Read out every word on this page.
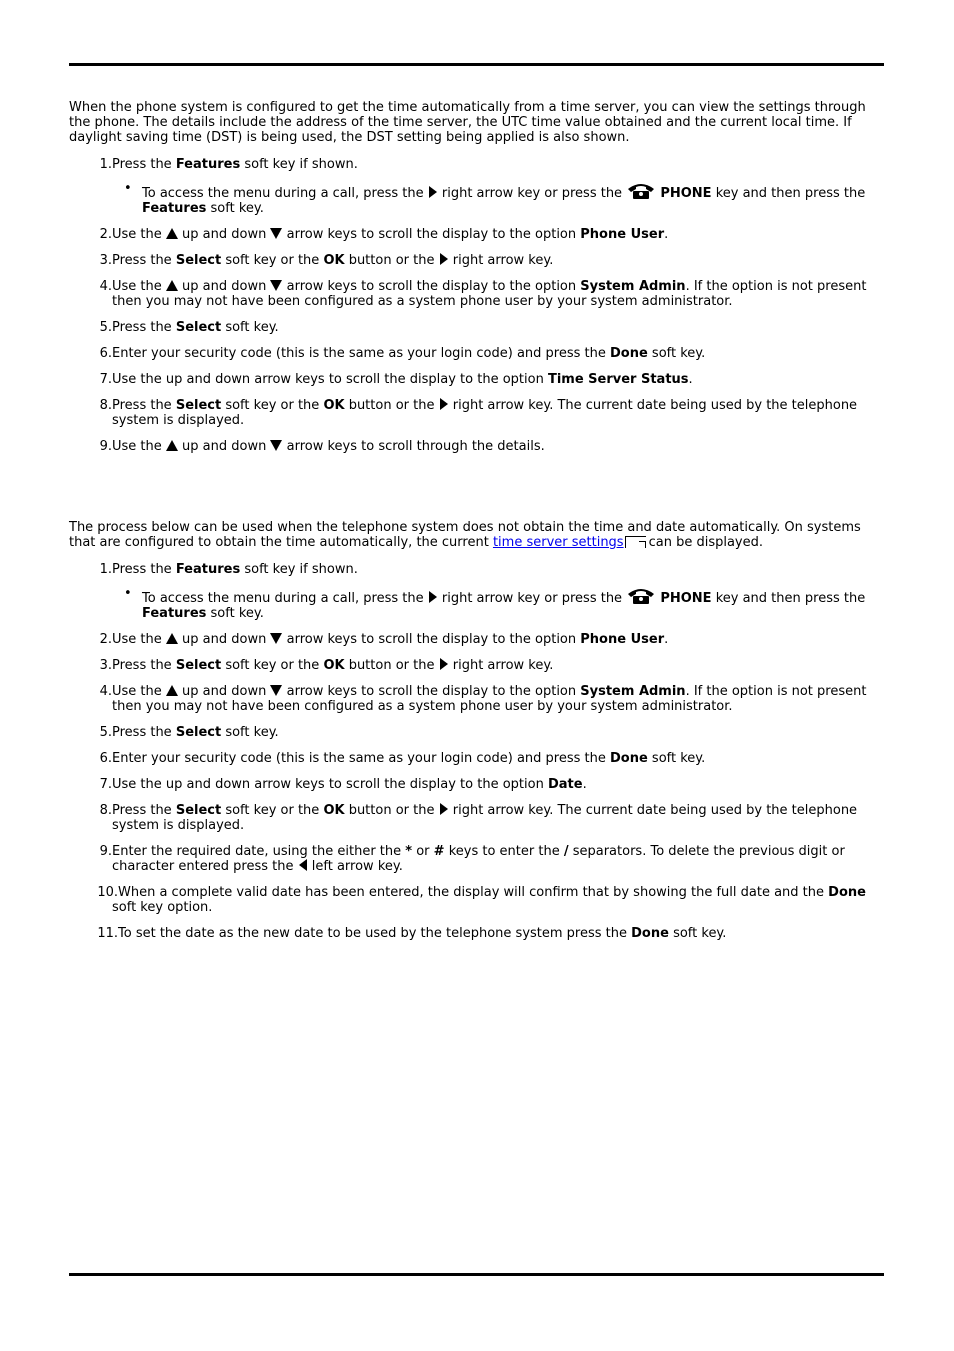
When the phone system is configured to get the time automatically from a time server, you can view the settings through the phone. The details include the address of the time server, the UTC time value obtained and the current local time. If daylight saving time (DST) is being used, the DST setting being applied is also shown.

1. Press the Features soft key if shown.
• To access the menu during a call, press the  right arrow key or press the	PHONE key and then press the Features soft key.
2. Use the  up and down arrow keys to scroll the display to the option Phone User.
3. Press the Select soft key or the OK button or the  right arrow key.
4. Use the  up and down arrow keys to scroll the display to the option System Admin. If the option is not present then you may not have been configured as a system phone user by your system administrator.
5. Press the Select soft key.
6. Enter your security code (this is the same as your login code) and press the Done soft key.
7. Use the up and down arrow keys to scroll the display to the option Time Server Status.
8. Press the Select soft key or the OK button or the  right arrow key. The current date being used by the telephone system is displayed.
9. Use the  up and down arrow keys to scroll through the details.

The process below can be used when the telephone system does not obtain the time and date automatically. On systems that are configured to obtain the time automatically, the current time server settings can be displayed.

1. Press the Features soft key if shown.
• To access the menu during a call, press the  right arrow key or press the	PHONE key and then press the Features soft key.
2. Use the  up and down arrow keys to scroll the display to the option Phone User.
3. Press the Select soft key or the OK button or the  right arrow key.
4. Use the  up and down arrow keys to scroll the display to the option System Admin. If the option is not present then you may not have been configured as a system phone user by your system administrator.
5. Press the Select soft key.
6. Enter your security code (this is the same as your login code) and press the Done soft key.
7. Use the up and down arrow keys to scroll the display to the option Date.
8. Press the Select soft key or the OK button or the  right arrow key. The current date being used by the telephone system is displayed.
9. Enter the required date, using the either the * or # keys to enter the / separators. To delete the previous digit or character entered press the  left arrow key.
10. When a complete valid date has been entered, the display will confirm that by showing the full date and the Done soft key option.
11. To set the date as the new date to be used by the telephone system press the Done soft key.
